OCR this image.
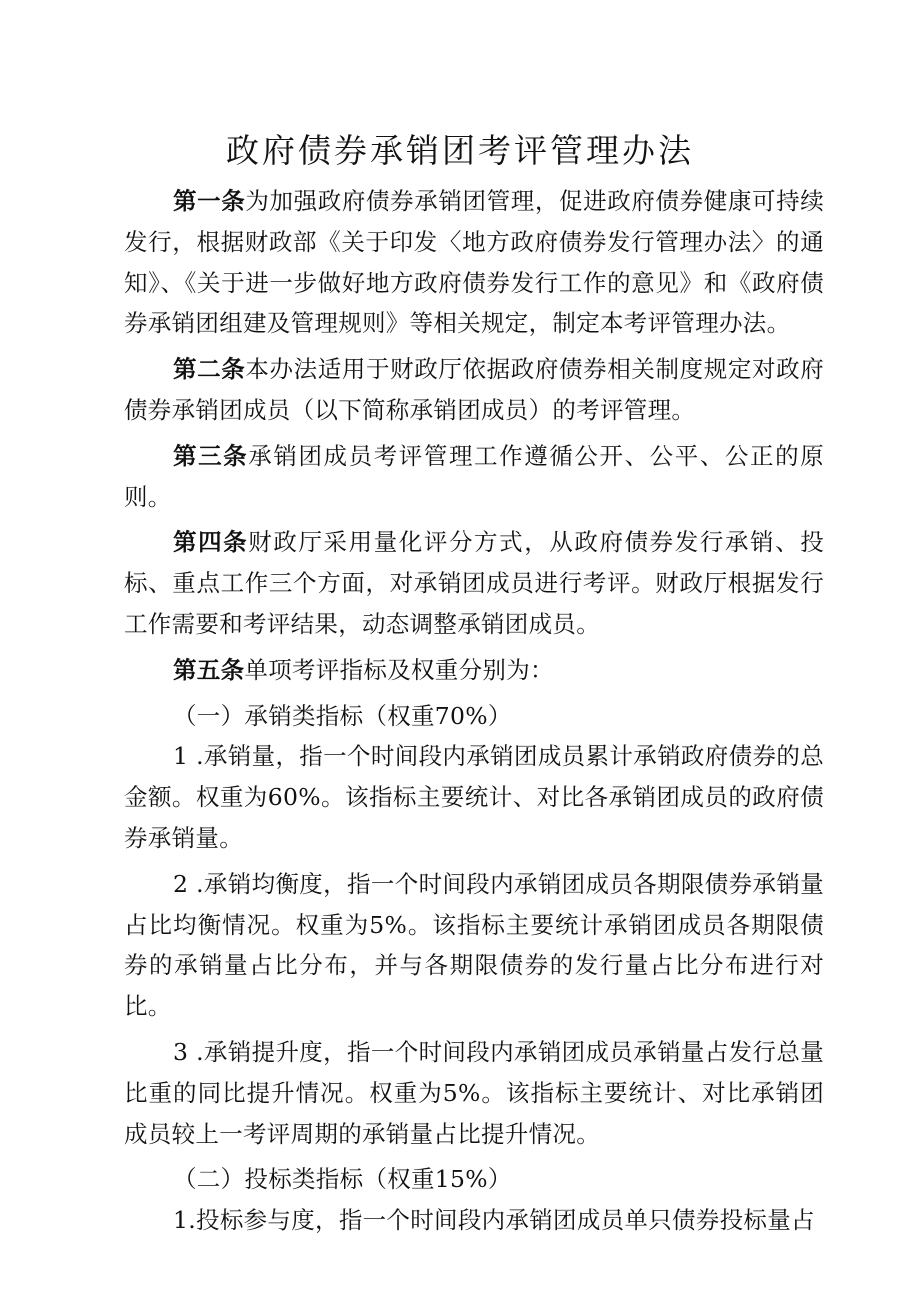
政府债券承销团考评管理办法

第一条为加强政府债券承销团管理，促进政府债券健康可持续发行，根据财政部《关于印发〈地方政府债券发行管理办法〉的通知》、《关于进一步做好地方政府债券发行工作的意见》和《政府债券承销团组建及管理规则》等相关规定，制定本考评管理办法。

第二条本办法适用于财政厅依据政府债券相关制度规定对政府债券承销团成员（以下简称承销团成员）的考评管理。

第三条承销团成员考评管理工作遵循公开、公平、公正的原则。

第四条财政厅采用量化评分方式，从政府债券发行承销、投标、重点工作三个方面，对承销团成员进行考评。财政厅根据发行工作需要和考评结果，动态调整承销团成员。

第五条单项考评指标及权重分别为：

（一）承销类指标（权重70%）

1 .承销量，指一个时间段内承销团成员累计承销政府债券的总金额。权重为60%。该指标主要统计、对比各承销团成员的政府债券承销量。

2 .承销均衡度，指一个时间段内承销团成员各期限债券承销量占比均衡情况。权重为5%。该指标主要统计承销团成员各期限债券的承销量占比分布，并与各期限债券的发行量占比分布进行对比。

3 .承销提升度，指一个时间段内承销团成员承销量占发行总量比重的同比提升情况。权重为5%。该指标主要统计、对比承销团成员较上一考评周期的承销量占比提升情况。

（二）投标类指标（权重15%）

1.投标参与度，指一个时间段内承销团成员单只债券投标量占
